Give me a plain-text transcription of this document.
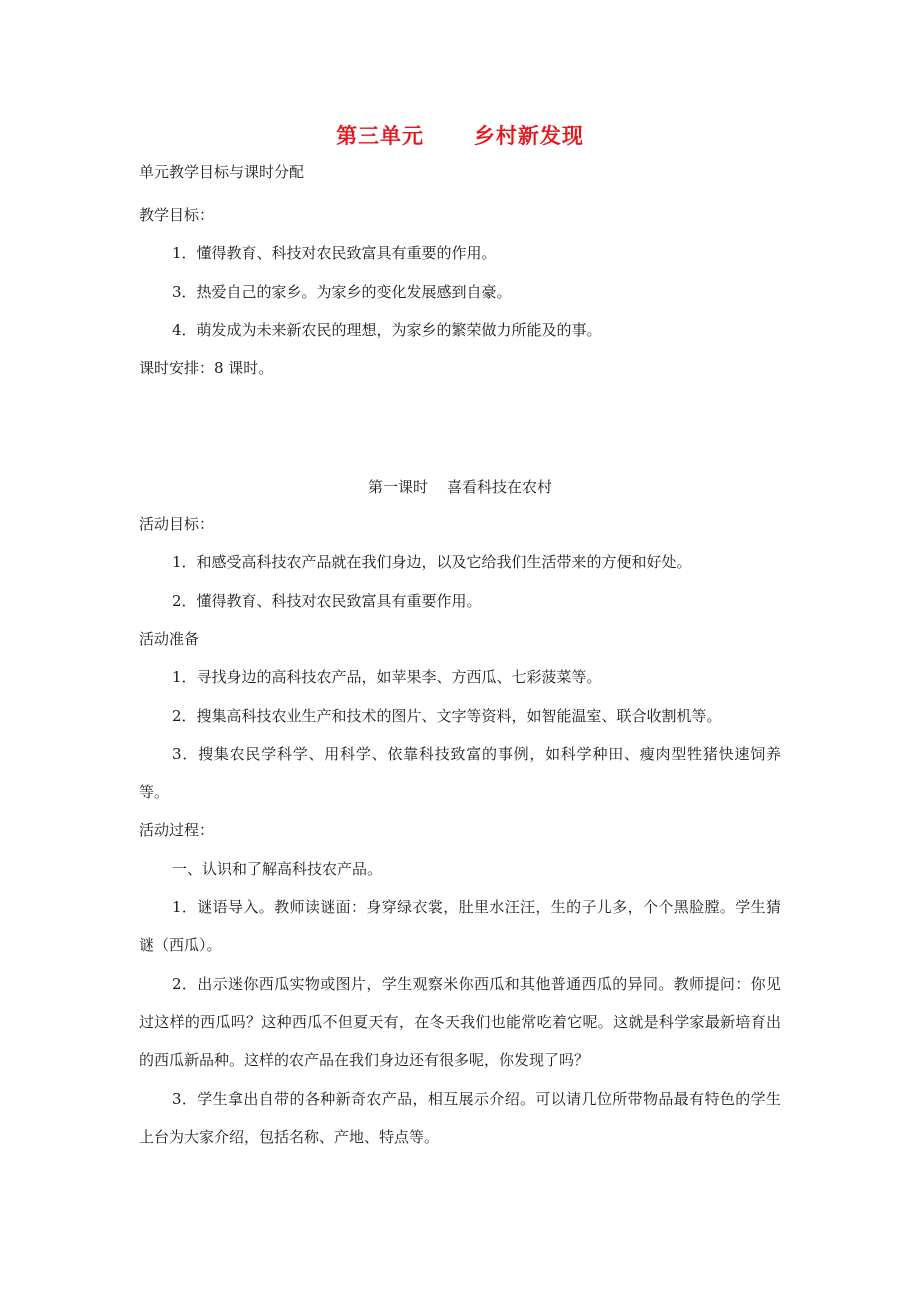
第三单元      乡村新发现
单元教学目标与课时分配
教学目标：
1．懂得教育、科技对农民致富具有重要的作用。
3．热爱自己的家乡。为家乡的变化发展感到自豪。
4．萌发成为未来新农民的理想，为家乡的繁荣做力所能及的事。
课时安排：8 课时。
第一课时    喜看科技在农村
活动目标：
1．和感受高科技农产品就在我们身边，以及它给我们生活带来的方便和好处。
2．懂得教育、科技对农民致富具有重要作用。
活动准备
1．寻找身边的高科技农产品，如苹果李、方西瓜、七彩菠菜等。
2．搜集高科技农业生产和技术的图片、文字等资料，如智能温室、联合收割机等。
3．搜集农民学科学、用科学、依靠科技致富的事例，如科学种田、瘦肉型牲猪快速饲养等。
活动过程：
一、认识和了解高科技农产品。
1．谜语导入。教师读谜面：身穿绿衣裳，肚里水汪汪，生的子儿多，个个黑脸膛。学生猜谜（西瓜）。
2．出示迷你西瓜实物或图片，学生观察米你西瓜和其他普通西瓜的异同。教师提问：你见过这样的西瓜吗？这种西瓜不但夏天有，在冬天我们也能常吃着它呢。这就是科学家最新培育出的西瓜新品种。这样的农产品在我们身边还有很多呢，你发现了吗？
3．学生拿出自带的各种新奇农产品，相互展示介绍。可以请几位所带物品最有特色的学生上台为大家介绍，包括名称、产地、特点等。
